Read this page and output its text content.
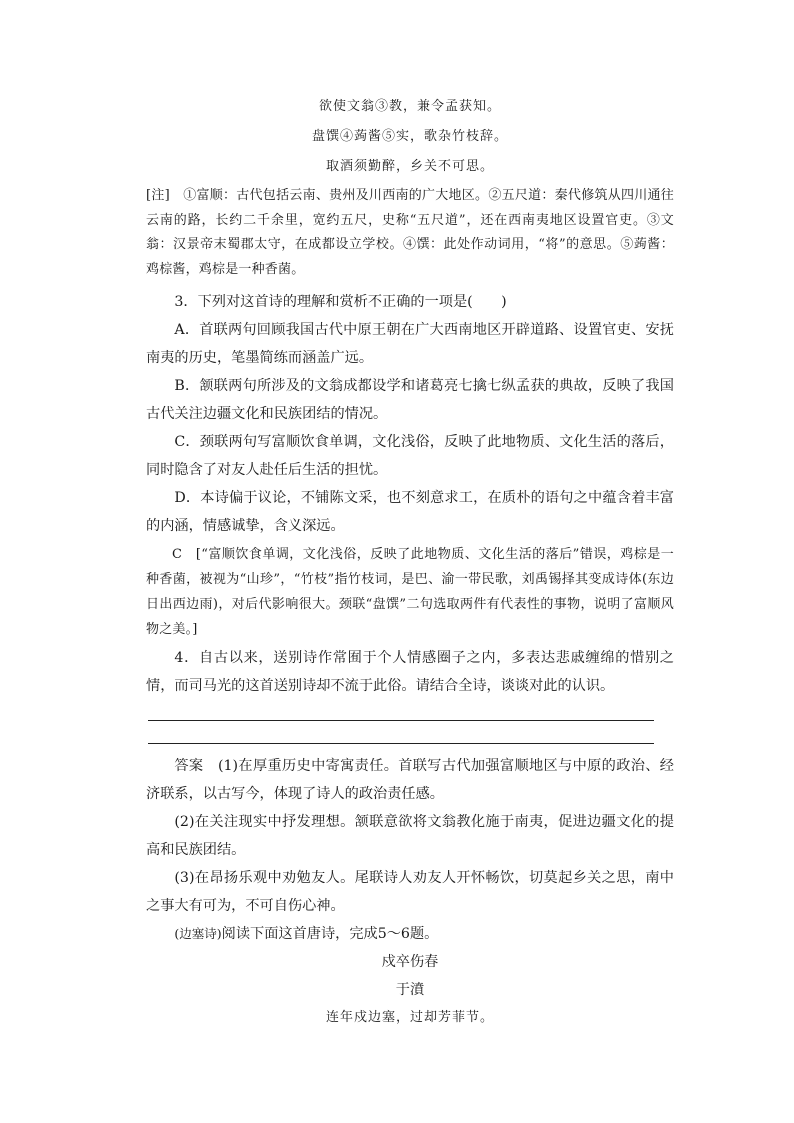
欲使文翁③教，兼令孟获知。
盘馔④蒟酱⑤实，歌杂竹枝辞。
取酒须勤醉，乡关不可思。
[注]　①富顺：古代包括云南、贵州及川西南的广大地区。②五尺道：秦代修筑从四川通往云南的路，长约二千余里，宽约五尺，史称“五尺道”，还在西南夷地区设置官吏。③文翁：汉景帝末蜀郡太守，在成都设立学校。④馔：此处作动词用，“将”的意思。⑤蒟酱：鸡棕酱，鸡棕是一种香菌。

3．下列对这首诗的理解和赏析不正确的一项是(　　)

A．首联两句回顾我国古代中原王朝在广大西南地区开辟道路、设置官吏、安抚南夷的历史，笔墨简练而涵盖广远。

B．颔联两句所涉及的文翁成都设学和诸葛亮七擒七纵孟获的典故，反映了我国古代关注边疆文化和民族团结的情况。

C．颈联两句写富顺饮食单调，文化浅俗，反映了此地物质、文化生活的落后，同时隐含了对友人赴任后生活的担忧。

D．本诗偏于议论，不铺陈文采，也不刻意求工，在质朴的语句之中蕴含着丰富的内涵，情感诚挚，含义深远。

C　[“富顺饮食单调，文化浅俗，反映了此地物质、文化生活的落后”错误，鸡棕是一种香菌，被视为“山珍”，“竹枝”指竹枝词，是巴、渝一带民歌，刘禹锡择其变成诗体(东边日出西边雨)，对后代影响很大。颈联“盘馔”二句选取两件有代表性的事物，说明了富顺风物之美。]

4．自古以来，送别诗作常囿于个人情感圈子之内，多表达悲戚缠绵的惜别之情，而司马光的这首送别诗却不流于此俗。请结合全诗，谈谈对此的认识。

答案　 (1)在厚重历史中寄寓责任。首联写古代加强富顺地区与中原的政治、经济联系，以古写今，体现了诗人的政治责任感。

(2)在关注现实中抒发理想。颔联意欲将文翁教化施于南夷，促进边疆文化的提高和民族团结。

(3)在昂扬乐观中劝勉友人。尾联诗人劝友人开怀畅饮，切莫起乡关之思，南中之事大有可为，不可自伤心神。

(边塞诗)阅读下面这首唐诗，完成5～6题。

戍卒伤春
于濆
连年戍边塞，过却芳菲节。
